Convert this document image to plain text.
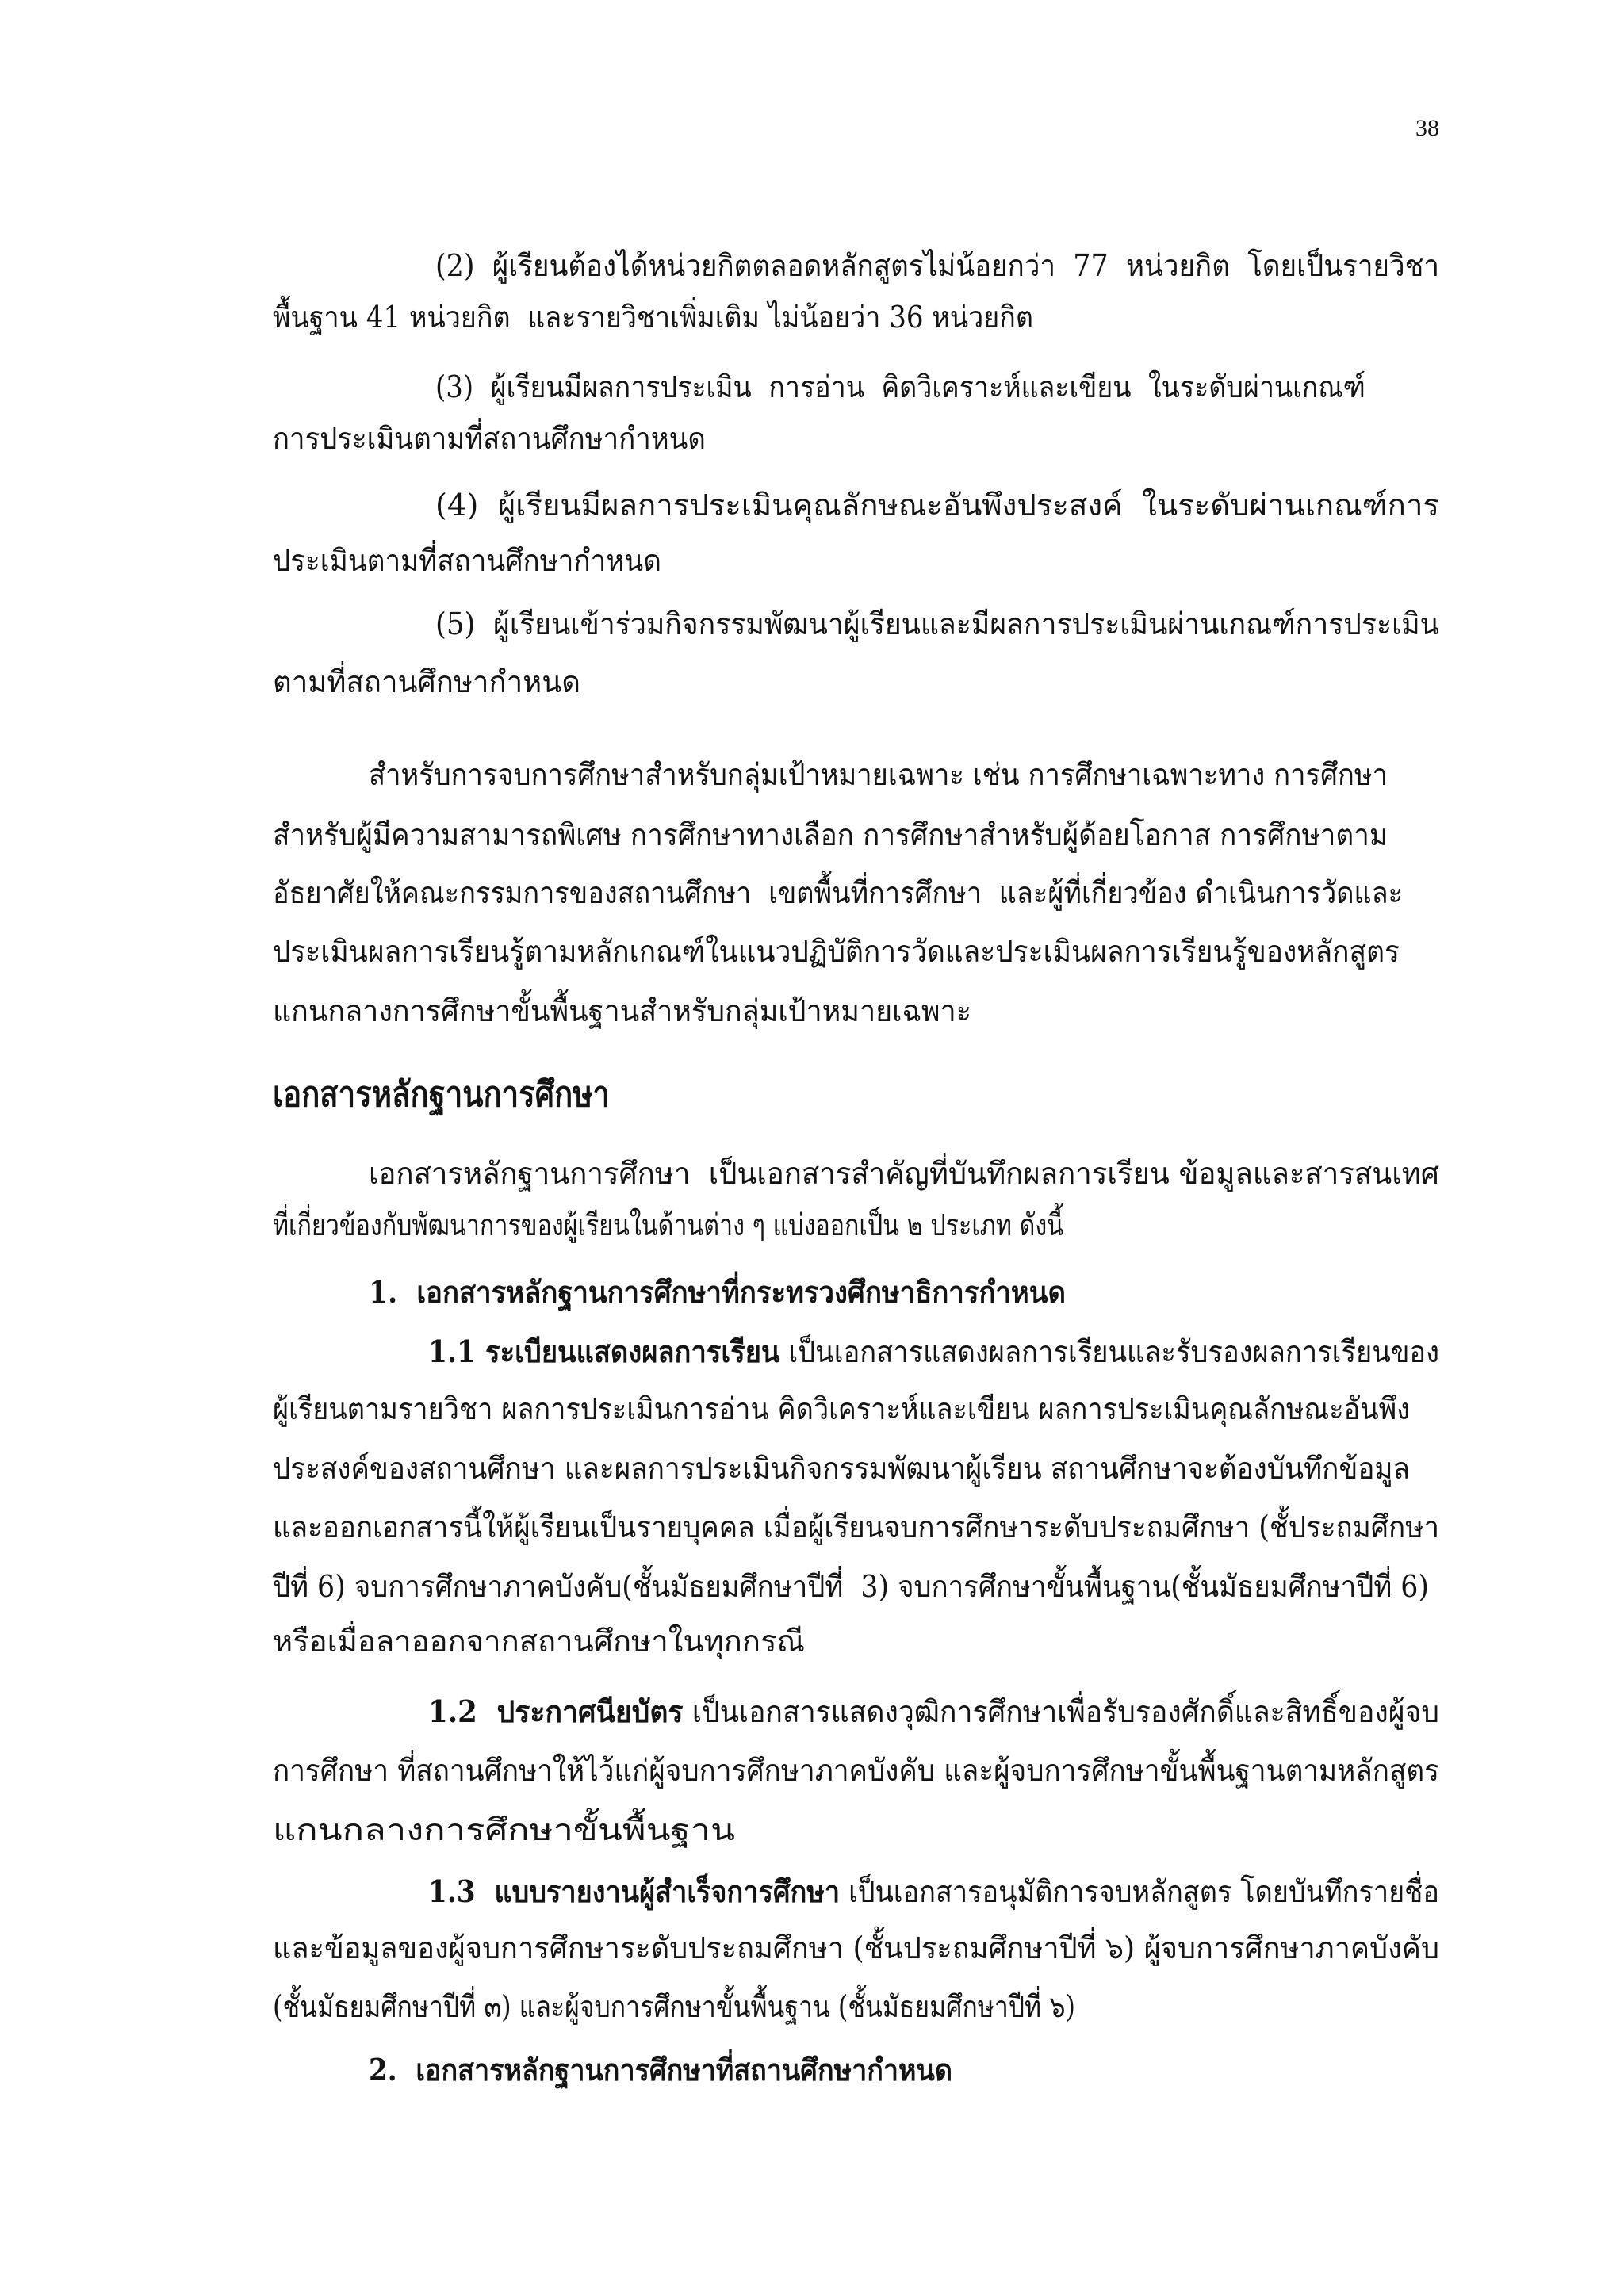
38
(2)  ผู้เรียนต้องได้หน่วยกิตตลอดหลักสูตรไม่น้อยกว่า  77  หน่วยกิต  โดยเป็นรายวิชา
พื้นฐาน 41 หน่วยกิต  และรายวิชาเพิ่มเติม ไม่น้อยว่า 36 หน่วยกิต
(3)  ผู้เรียนมีผลการประเมิน  การอ่าน  คิดวิเคราะห์และเขียน  ในระดับผ่านเกณฑ์
การประเมินตามที่สถานศึกษากำหนด
(4)  ผู้เรียนมีผลการประเมินคุณลักษณะอันพึงประสงค์  ในระดับผ่านเกณฑ์การ
ประเมินตามที่สถานศึกษากำหนด
(5)  ผู้เรียนเข้าร่วมกิจกรรมพัฒนาผู้เรียนและมีผลการประเมินผ่านเกณฑ์การประเมิน
ตามที่สถานศึกษากำหนด
สำหรับการจบการศึกษาสำหรับกลุ่มเป้าหมายเฉพาะ เช่น การศึกษาเฉพาะทาง การศึกษา
สำหรับผู้มีความสามารถพิเศษ การศึกษาทางเลือก การศึกษาสำหรับผู้ด้อยโอกาส การศึกษาตาม
อัธยาศัยให้คณะกรรมการของสถานศึกษา  เขตพื้นที่การศึกษา  และผู้ที่เกี่ยวข้อง ดำเนินการวัดและ
ประเมินผลการเรียนรู้ตามหลักเกณฑ์ในแนวปฏิบัติการวัดและประเมินผลการเรียนรู้ของหลักสูตร
แกนกลางการศึกษาขั้นพื้นฐานสำหรับกลุ่มเป้าหมายเฉพาะ
เอกสารหลักฐานการศึกษา
เอกสารหลักฐานการศึกษา  เป็นเอกสารสำคัญที่บันทึกผลการเรียน ข้อมูลและสารสนเทศ
ที่เกี่ยวข้องกับพัฒนาการของผู้เรียนในด้านต่าง ๆ แบ่งออกเป็น ๒ ประเภท ดังนี้
1.  เอกสารหลักฐานการศึกษาที่กระทรวงศึกษาธิการกำหนด
1.1 ระเบียนแสดงผลการเรียน เป็นเอกสารแสดงผลการเรียนและรับรองผลการเรียนของ
ผู้เรียนตามรายวิชา ผลการประเมินการอ่าน คิดวิเคราะห์และเขียน ผลการประเมินคุณลักษณะอันพึง
ประสงค์ของสถานศึกษา และผลการประเมินกิจกรรมพัฒนาผู้เรียน สถานศึกษาจะต้องบันทึกข้อมูล
และออกเอกสารนี้ให้ผู้เรียนเป็นรายบุคคล เมื่อผู้เรียนจบการศึกษาระดับประถมศึกษา (ชั้ประถมศึกษา
ปีที่ 6) จบการศึกษาภาคบังคับ(ชั้นมัธยมศึกษาปีที่  3) จบการศึกษาขั้นพื้นฐาน(ชั้นมัธยมศึกษาปีที่ 6)
หรือเมื่อลาออกจากสถานศึกษาในทุกกรณี
1.2  ประกาศนียบัตร เป็นเอกสารแสดงวุฒิการศึกษาเพื่อรับรองศักดิ์และสิทธิ์ของผู้จบ
การศึกษา ที่สถานศึกษาให้ไว้แก่ผู้จบการศึกษาภาคบังคับ และผู้จบการศึกษาขั้นพื้นฐานตามหลักสูตร
แกนกลางการศึกษาขั้นพื้นฐาน
1.3  แบบรายงานผู้สำเร็จการศึกษา เป็นเอกสารอนุมัติการจบหลักสูตร โดยบันทึกรายชื่อ
และข้อมูลของผู้จบการศึกษาระดับประถมศึกษา (ชั้นประถมศึกษาปีที่ ๖) ผู้จบการศึกษาภาคบังคับ
(ชั้นมัธยมศึกษาปีที่ ๓) และผู้จบการศึกษาขั้นพื้นฐาน (ชั้นมัธยมศึกษาปีที่ ๖)
2.  เอกสารหลักฐานการศึกษาที่สถานศึกษากำหนด
